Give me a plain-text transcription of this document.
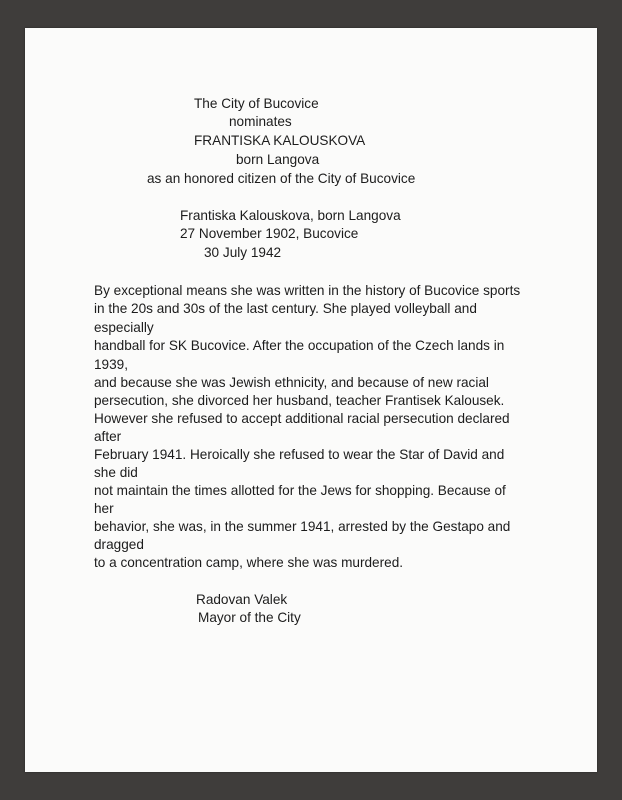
The City of Bucovice
nominates
FRANTISKA KALOUSKOVA
born Langova
as an honored citizen of the City of Bucovice
Frantiska Kalouskova, born Langova
27 November 1902, Bucovice
30 July 1942
By exceptional means she was written in the history of Bucovice sports
in the 20s and 30s of the last century. She played volleyball and
especially
handball for SK Bucovice. After the occupation of the Czech lands in
1939,
and because she was Jewish ethnicity, and because of new racial
persecution, she divorced her husband, teacher Frantisek Kalousek.
However she refused to accept additional racial persecution declared
after
February 1941. Heroically she refused to wear the Star of David and
she did
not maintain the times allotted for the Jews for shopping. Because of
her
behavior, she was, in the summer 1941, arrested by the Gestapo and
dragged
to a concentration camp, where she was murdered.
Radovan Valek
Mayor of the City
